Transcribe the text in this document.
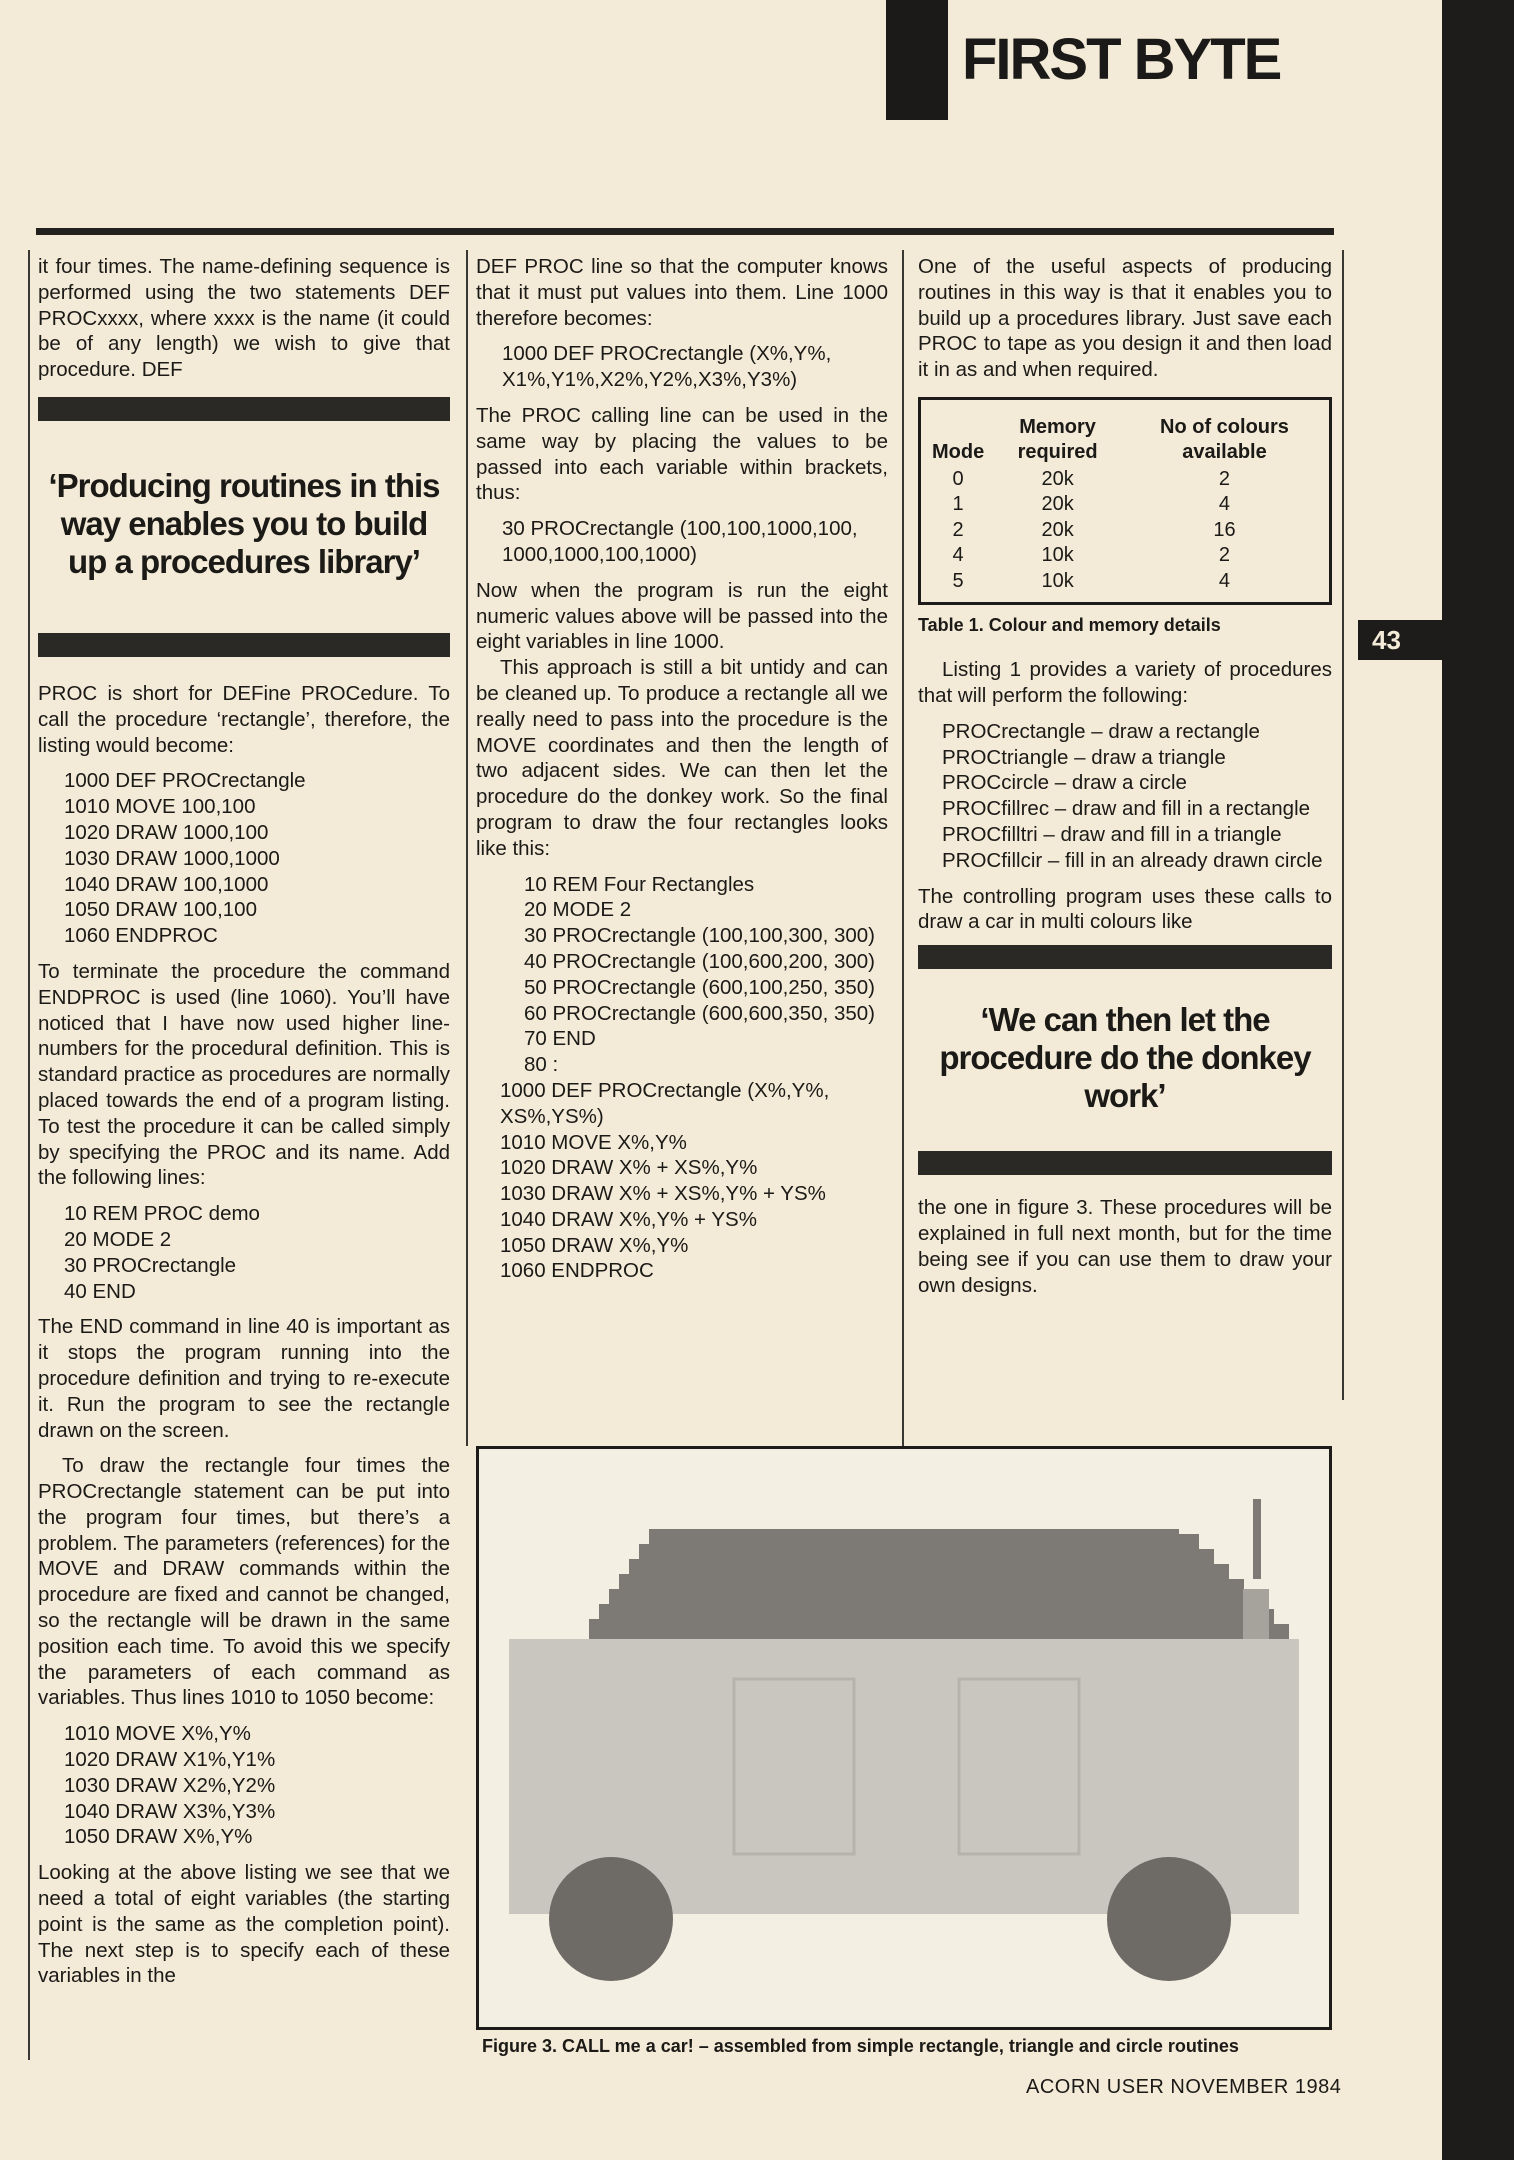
FIRST BYTE
43

it four times. The name-defining sequence is performed using the two statements DEF PROCxxxx, where xxxx is the name (it could be of any length) we wish to give that procedure. DEF

‘Producing routines in this way enables you to build up a procedures library’

PROC is short for DEFine PROCedure. To call the procedure ‘rectangle’, therefore, the listing would become:

1000 DEF PROCrectangle
1010 MOVE 100,100
1020 DRAW 1000,100
1030 DRAW 1000,1000
1040 DRAW 100,1000
1050 DRAW 100,100
1060 ENDPROC

To terminate the procedure the command ENDPROC is used (line 1060). You’ll have noticed that I have now used higher line-numbers for the procedural definition. This is standard practice as procedures are normally placed towards the end of a program listing. To test the procedure it can be called simply by specifying the PROC and its name. Add the following lines:

10 REM PROC demo
20 MODE 2
30 PROCrectangle
40 END

The END command in line 40 is important as it stops the program running into the procedure definition and trying to re-execute it. Run the program to see the rectangle drawn on the screen.

To draw the rectangle four times the PROCrectangle statement can be put into the program four times, but there’s a problem. The parameters (references) for the MOVE and DRAW commands within the procedure are fixed and cannot be changed, so the rectangle will be drawn in the same position each time. To avoid this we specify the parameters of each command as variables. Thus lines 1010 to 1050 become:

1010 MOVE X%,Y%
1020 DRAW X1%,Y1%
1030 DRAW X2%,Y2%
1040 DRAW X3%,Y3%
1050 DRAW X%,Y%

Looking at the above listing we see that we need a total of eight variables (the starting point is the same as the completion point). The next step is to specify each of these variables in the

DEF PROC line so that the computer knows that it must put values into them. Line 1000 therefore becomes:

1000 DEF PROCrectangle (X%,Y%, X1%,Y1%,X2%,Y2%,X3%,Y3%)

The PROC calling line can be used in the same way by placing the values to be passed into each variable within brackets, thus:

30 PROCrectangle (100,100,1000,100, 1000,1000,100,1000)

Now when the program is run the eight numeric values above will be passed into the eight variables in line 1000.

This approach is still a bit untidy and can be cleaned up. To produce a rectangle all we really need to pass into the procedure is the MOVE coordinates and then the length of two adjacent sides. We can then let the procedure do the donkey work. So the final program to draw the four rectangles looks like this:

10 REM Four Rectangles
20 MODE 2
30 PROCrectangle (100,100,300, 300)
40 PROCrectangle (100,600,200, 300)
50 PROCrectangle (600,100,250, 350)
60 PROCrectangle (600,600,350, 350)
70 END
80 :
1000 DEF PROCrectangle (X%,Y%, XS%,YS%)
1010 MOVE X%,Y%
1020 DRAW X% + XS%,Y%
1030 DRAW X% + XS%,Y% + YS%
1040 DRAW X%,Y% + YS%
1050 DRAW X%,Y%
1060 ENDPROC

One of the useful aspects of producing routines in this way is that it enables you to build up a procedures library. Just save each PROC to tape as you design it and then load it in as and when required.

Mode	Memory required	No of colours available
0	20k	2
1	20k	4
2	20k	16
4	10k	2
5	10k	4
Table 1. Colour and memory details

Listing 1 provides a variety of procedures that will perform the following:

PROCrectangle – draw a rectangle
PROCtriangle – draw a triangle
PROCcircle – draw a circle
PROCfillrec – draw and fill in a rectangle
PROCfilltri – draw and fill in a triangle
PROCfillcir – fill in an already drawn circle

The controlling program uses these calls to draw a car in multi colours like

‘We can then let the procedure do the donkey work’

the one in figure 3. These procedures will be explained in full next month, but for the time being see if you can use them to draw your own designs.

Figure 3. CALL me a car! – assembled from simple rectangle, triangle and circle routines
ACORN USER NOVEMBER 1984
